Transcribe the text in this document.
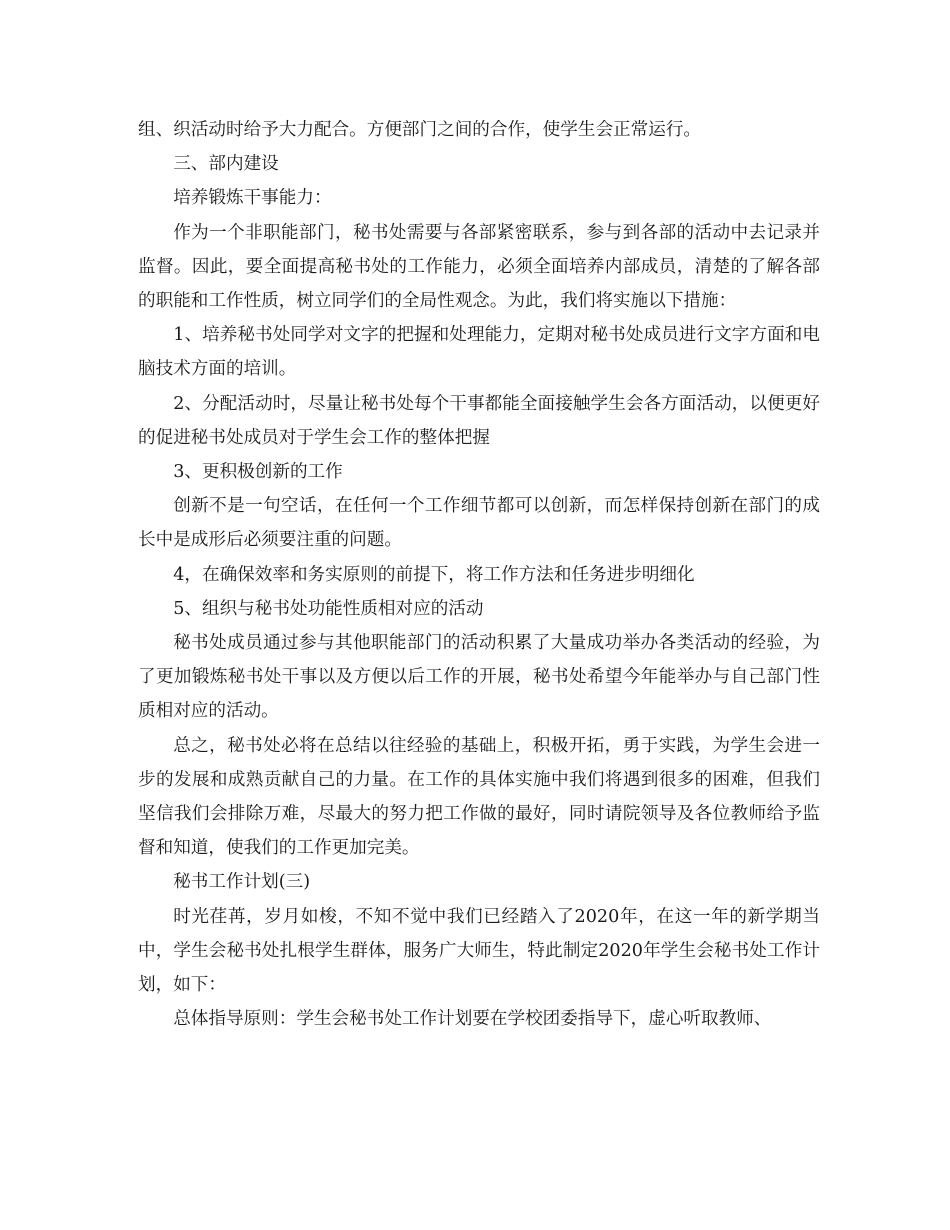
组、织活动时给予大力配合。方便部门之间的合作，使学生会正常运行。

三、部内建设

培养锻炼干事能力：

作为一个非职能部门，秘书处需要与各部紧密联系，参与到各部的活动中去记录并监督。因此，要全面提高秘书处的工作能力，必须全面培养内部成员，清楚的了解各部的职能和工作性质，树立同学们的全局性观念。为此，我们将实施以下措施：

1、培养秘书处同学对文字的把握和处理能力，定期对秘书处成员进行文字方面和电脑技术方面的培训。

2、分配活动时，尽量让秘书处每个干事都能全面接触学生会各方面活动，以便更好的促进秘书处成员对于学生会工作的整体把握

3、更积极创新的工作

创新不是一句空话，在任何一个工作细节都可以创新，而怎样保持创新在部门的成长中是成形后必须要注重的问题。

4，在确保效率和务实原则的前提下，将工作方法和任务进步明细化

5、组织与秘书处功能性质相对应的活动

秘书处成员通过参与其他职能部门的活动积累了大量成功举办各类活动的经验，为了更加锻炼秘书处干事以及方便以后工作的开展，秘书处希望今年能举办与自己部门性质相对应的活动。

总之，秘书处必将在总结以往经验的基础上，积极开拓，勇于实践，为学生会进一步的发展和成熟贡献自己的力量。在工作的具体实施中我们将遇到很多的困难，但我们坚信我们会排除万难，尽最大的努力把工作做的最好，同时请院领导及各位教师给予监督和知道，使我们的工作更加完美。

秘书工作计划(三)

时光荏苒，岁月如梭，不知不觉中我们已经踏入了2020年，在这一年的新学期当中，学生会秘书处扎根学生群体，服务广大师生，特此制定2020年学生会秘书处工作计划，如下：

总体指导原则：学生会秘书处工作计划要在学校团委指导下，虚心听取教师、
